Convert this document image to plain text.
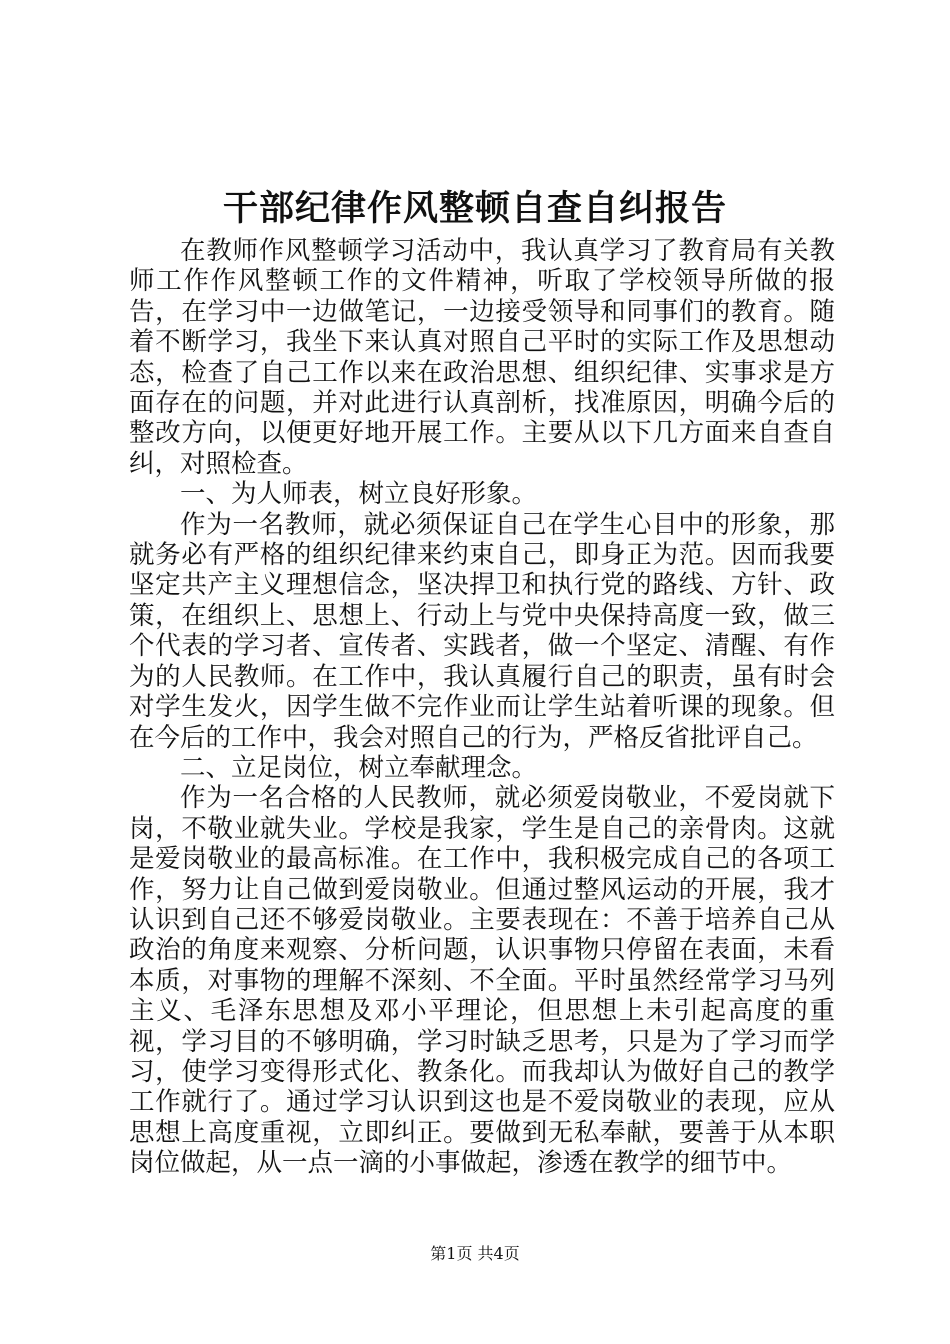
干部纪律作风整顿自查自纠报告

在教师作风整顿学习活动中，我认真学习了教育局有关教师工作作风整顿工作的文件精神，听取了学校领导所做的报告，在学习中一边做笔记，一边接受领导和同事们的教育。随着不断学习，我坐下来认真对照自己平时的实际工作及思想动态，检查了自己工作以来在政治思想、组织纪律、实事求是方面存在的问题，并对此进行认真剖析，找准原因，明确今后的整改方向，以便更好地开展工作。主要从以下几方面来自查自纠，对照检查。

一、为人师表，树立良好形象。

作为一名教师，就必须保证自己在学生心目中的形象，那就务必有严格的组织纪律来约束自己，即身正为范。因而我要坚定共产主义理想信念，坚决捍卫和执行党的路线、方针、政策，在组织上、思想上、行动上与党中央保持高度一致，做三个代表的学习者、宣传者、实践者，做一个坚定、清醒、有作为的人民教师。在工作中，我认真履行自己的职责，虽有时会对学生发火，因学生做不完作业而让学生站着听课的现象。但在今后的工作中，我会对照自己的行为，严格反省批评自己。

二、立足岗位，树立奉献理念。

作为一名合格的人民教师，就必须爱岗敬业，不爱岗就下岗，不敬业就失业。学校是我家，学生是自己的亲骨肉。这就是爱岗敬业的最高标准。在工作中，我积极完成自己的各项工作，努力让自己做到爱岗敬业。但通过整风运动的开展，我才认识到自己还不够爱岗敬业。主要表现在：不善于培养自己从政治的角度来观察、分析问题，认识事物只停留在表面，未看本质，对事物的理解不深刻、不全面。平时虽然经常学习马列主义、毛泽东思想及邓小平理论，但思想上未引起高度的重视，学习目的不够明确，学习时缺乏思考，只是为了学习而学习，使学习变得形式化、教条化。而我却认为做好自己的教学工作就行了。通过学习认识到这也是不爱岗敬业的表现，应从思想上高度重视，立即纠正。要做到无私奉献，要善于从本职岗位做起，从一点一滴的小事做起，渗透在教学的细节中。

第1页 共4页
